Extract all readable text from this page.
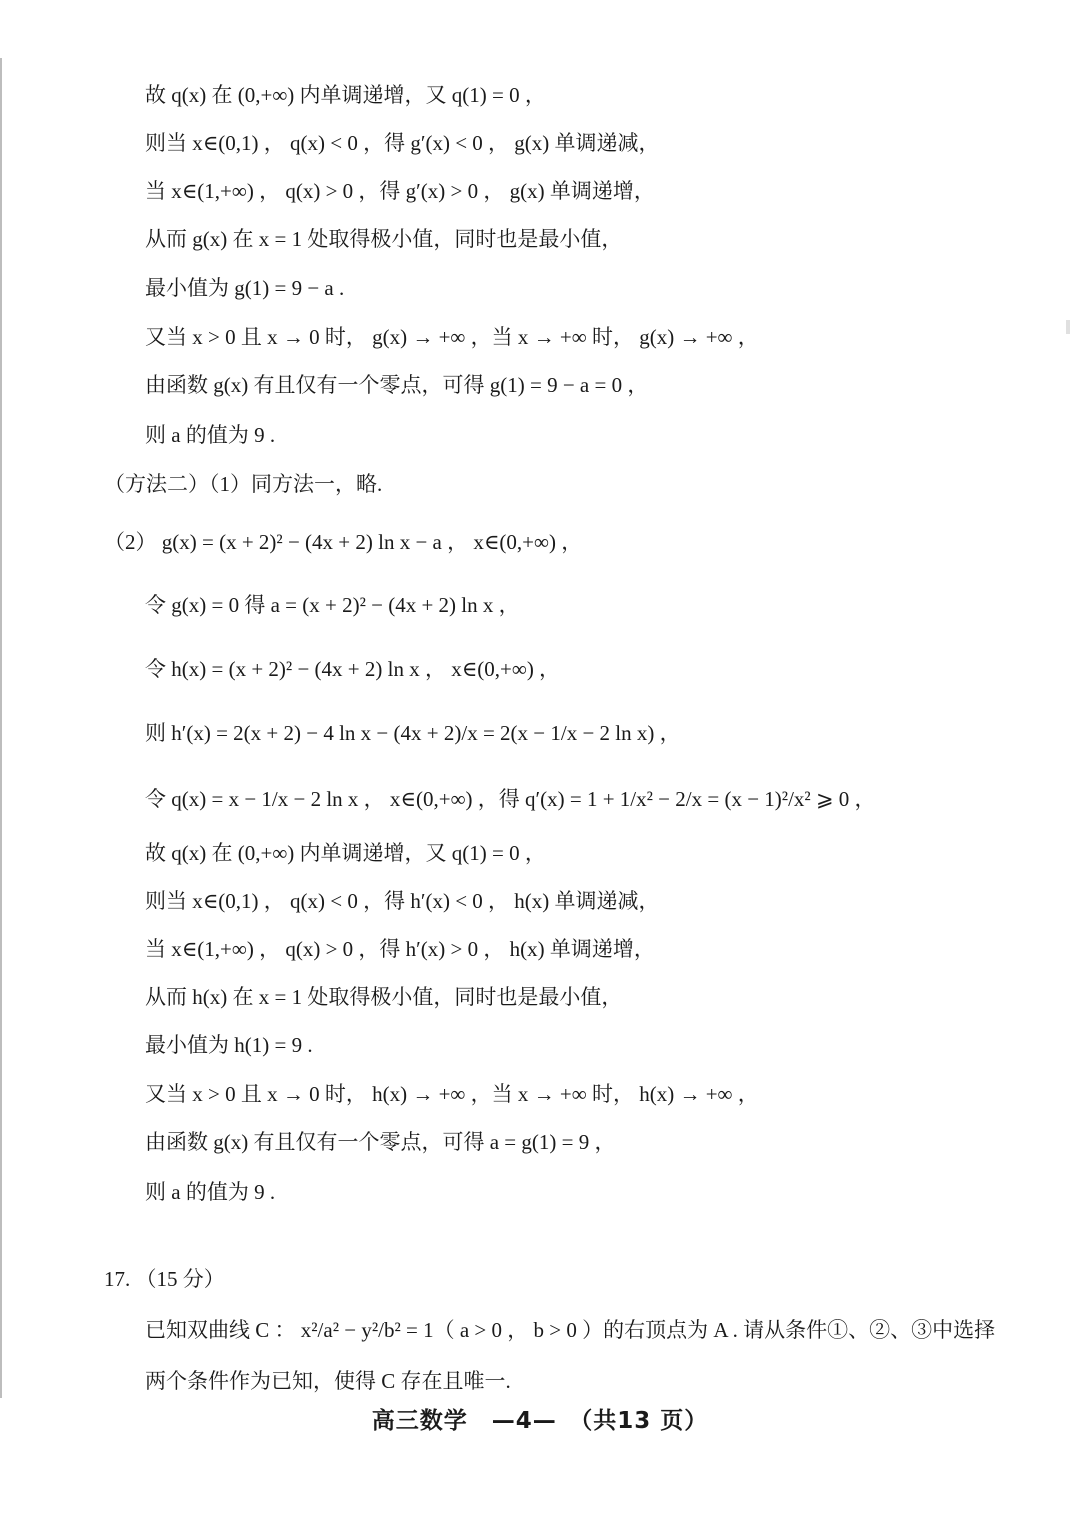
故 q(x) 在 (0,+∞) 内单调递增，又 q(1) = 0 ，
则当 x∈(0,1) ， q(x) < 0 ，得 g′(x) < 0 ， g(x) 单调递减，
当 x∈(1,+∞) ， q(x) > 0 ，得 g′(x) > 0 ， g(x) 单调递增，
从而 g(x) 在 x = 1 处取得极小值，同时也是最小值，
最小值为 g(1) = 9 − a .
又当 x > 0 且 x → 0 时， g(x) → +∞ ，当 x → +∞ 时， g(x) → +∞ ，
由函数 g(x) 有且仅有一个零点，可得 g(1) = 9 − a = 0 ，
则 a 的值为 9 .
（方法二）（1）同方法一，略.
（2） g(x) = (x + 2)² − (4x + 2) ln x − a ， x∈(0,+∞) ，
令 g(x) = 0 得 a = (x + 2)² − (4x + 2) ln x ，
令 h(x) = (x + 2)² − (4x + 2) ln x ， x∈(0,+∞) ，
则 h′(x) = 2(x + 2) − 4 ln x − (4x + 2)/x = 2(x − 1/x − 2 ln x) ，
令 q(x) = x − 1/x − 2 ln x ， x∈(0,+∞) ，得 q′(x) = 1 + 1/x² − 2/x = (x − 1)²/x² ⩾ 0 ，
故 q(x) 在 (0,+∞) 内单调递增，又 q(1) = 0 ，
则当 x∈(0,1) ， q(x) < 0 ，得 h′(x) < 0 ， h(x) 单调递减，
当 x∈(1,+∞) ， q(x) > 0 ，得 h′(x) > 0 ， h(x) 单调递增，
从而 h(x) 在 x = 1 处取得极小值，同时也是最小值，
最小值为 h(1) = 9 .
又当 x > 0 且 x → 0 时， h(x) → +∞ ，当 x → +∞ 时， h(x) → +∞ ，
由函数 g(x) 有且仅有一个零点，可得 a = g(1) = 9 ，
则 a 的值为 9 .
17. （15 分）
已知双曲线 C ： x²/a² − y²/b² = 1（ a > 0 ， b > 0 ）的右顶点为 A . 请从条件①、②、③中选择
两个条件作为已知，使得 C 存在且唯一.
高三数学　—4—　（共13 页）
